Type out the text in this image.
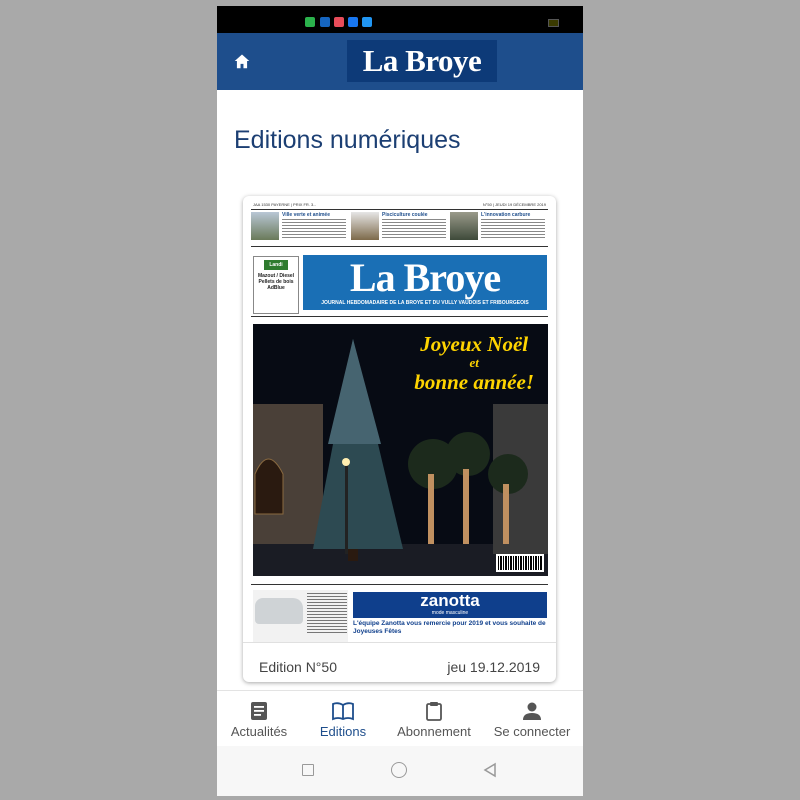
La Broye
Editions numériques
JAA 1530 PAYERNE | PRIX FR. 3.-	N°50 | JEUDI 19 DÉCEMBRE 2019
Ville verte et animée	Pisciculture coulée	L'innovation carbure
Landi
Mazout / Diesel Pellets de bois AdBlue	La Broye
JOURNAL HEBDOMADAIRE DE LA BROYE ET DU VULLY VAUDOIS ET FRIBOURGEOIS
Joyeux Noël
et
bonne année!
zanotta
mode masculine
L'équipe Zanotta vous remercie pour 2019 et vous souhaite de Joyeuses Fêtes
Edition N°50	jeu 19.12.2019
Actualités	Editions	Abonnement	Se connecter
